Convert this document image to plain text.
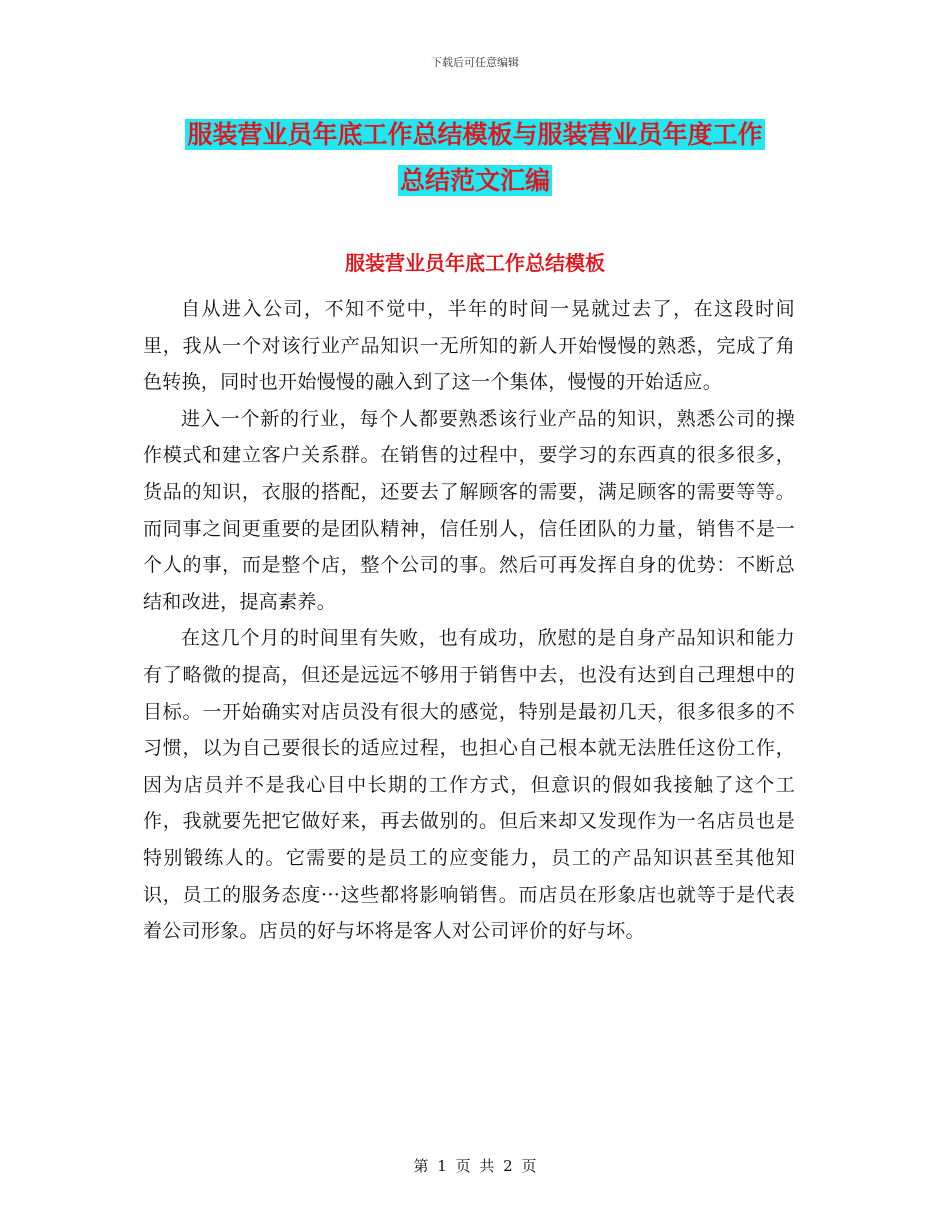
下载后可任意编辑
服装营业员年底工作总结模板与服装营业员年度工作
总结范文汇编
服装营业员年底工作总结模板

自从进入公司，不知不觉中，半年的时间一晃就过去了，在这段时间里，我从一个对该行业产品知识一无所知的新人开始慢慢的熟悉，完成了角色转换，同时也开始慢慢的融入到了这一个集体，慢慢的开始适应。

进入一个新的行业，每个人都要熟悉该行业产品的知识，熟悉公司的操作模式和建立客户关系群。在销售的过程中，要学习的东西真的很多很多，货品的知识，衣服的搭配，还要去了解顾客的需要，满足顾客的需要等等。而同事之间更重要的是团队精神，信任别人，信任团队的力量，销售不是一个人的事，而是整个店，整个公司的事。然后可再发挥自身的优势：不断总结和改进，提高素养。

在这几个月的时间里有失败，也有成功，欣慰的是自身产品知识和能力有了略微的提高，但还是远远不够用于销售中去，也没有达到自己理想中的目标。一开始确实对店员没有很大的感觉，特别是最初几天，很多很多的不习惯，以为自己要很长的适应过程，也担心自己根本就无法胜任这份工作，因为店员并不是我心目中长期的工作方式，但意识的假如我接触了这个工作，我就要先把它做好来，再去做别的。但后来却又发现作为一名店员也是特别锻练人的。它需要的是员工的应变能力，员工的产品知识甚至其他知识，员工的服务态度···这些都将影响销售。而店员在形象店也就等于是代表着公司形象。店员的好与坏将是客人对公司评价的好与坏。

第 1 页 共 2 页
